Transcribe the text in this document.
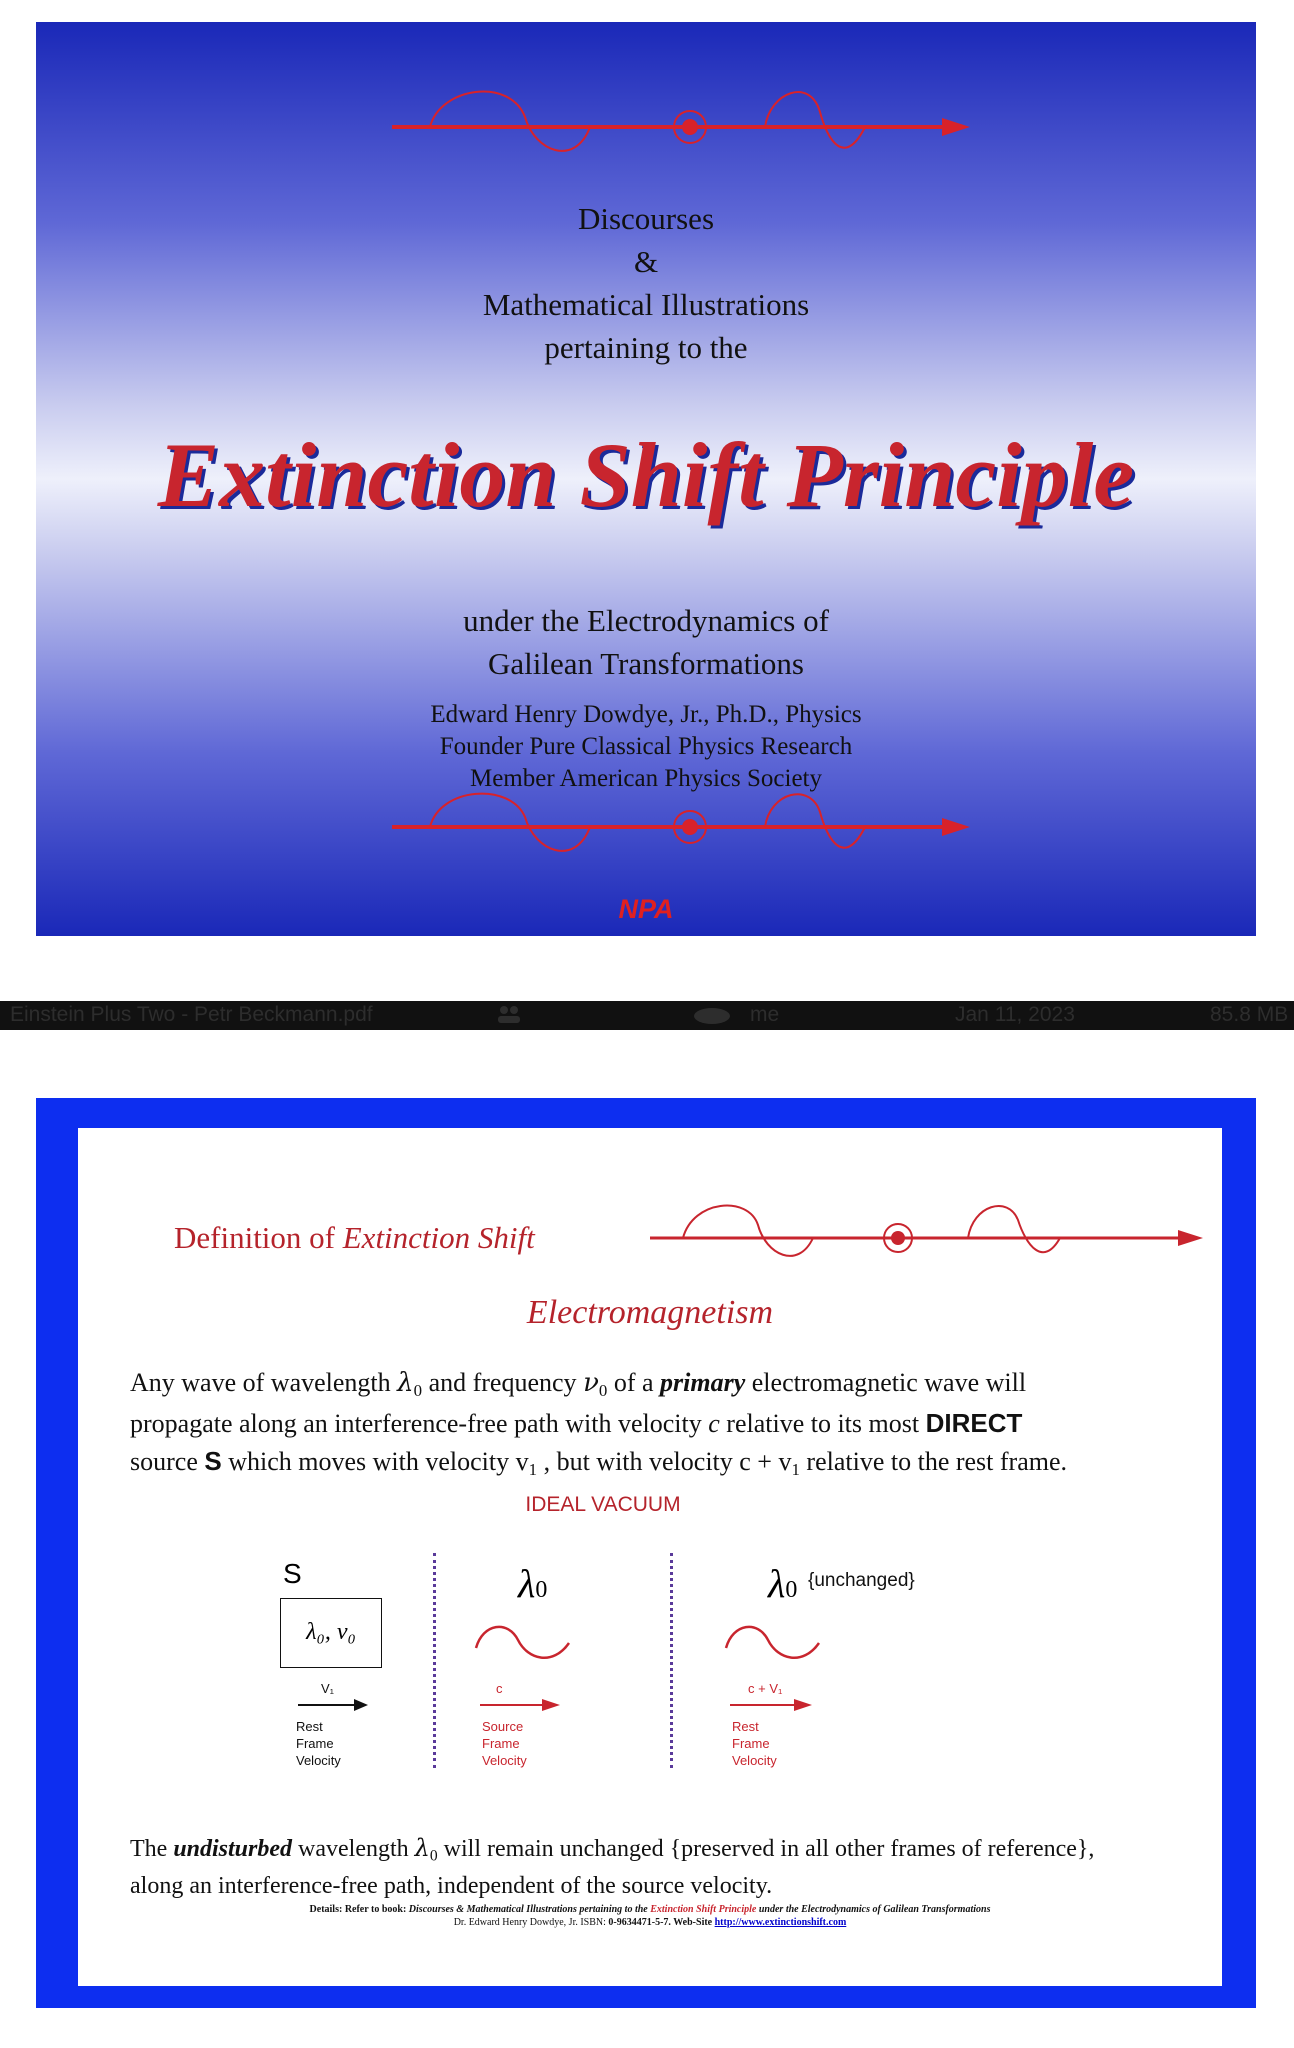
Discourses
&
Mathematical Illustrations
pertaining to the
Extinction Shift Principle
under the Electrodynamics of
Galilean Transformations
Edward Henry Dowdye, Jr., Ph.D., Physics
Founder Pure Classical Physics Research
Member American Physics Society
NPA
Einstein Plus Two - Petr Beckmann.pdf	me	Jan 11, 2023	85.8 MB
Definition of Extinction Shift
Electromagnetism
Any wave of wavelength λ0 and frequency ν0 of a primary electromagnetic wave will
propagate along an interference-free path with velocity c relative to its most DIRECT
source S which moves with velocity v1 , but with velocity c + v1 relative to the rest frame.
IDEAL VACUUM
S
λ₀, ν₀
V₁
Rest
Frame
Velocity
λ0
c
Source
Frame
Velocity
λ0 {unchanged}
c + V₁
Rest
Frame
Velocity
The undisturbed wavelength λ0 will remain unchanged {preserved in all other frames of reference},
along an interference-free path, independent of the source velocity.
Details: Refer to book: Discourses & Mathematical Illustrations pertaining to the Extinction Shift Principle under the Electrodynamics of Galilean Transformations
Dr. Edward Henry Dowdye, Jr. ISBN: 0-9634471-5-7. Web-Site http://www.extinctionshift.com
